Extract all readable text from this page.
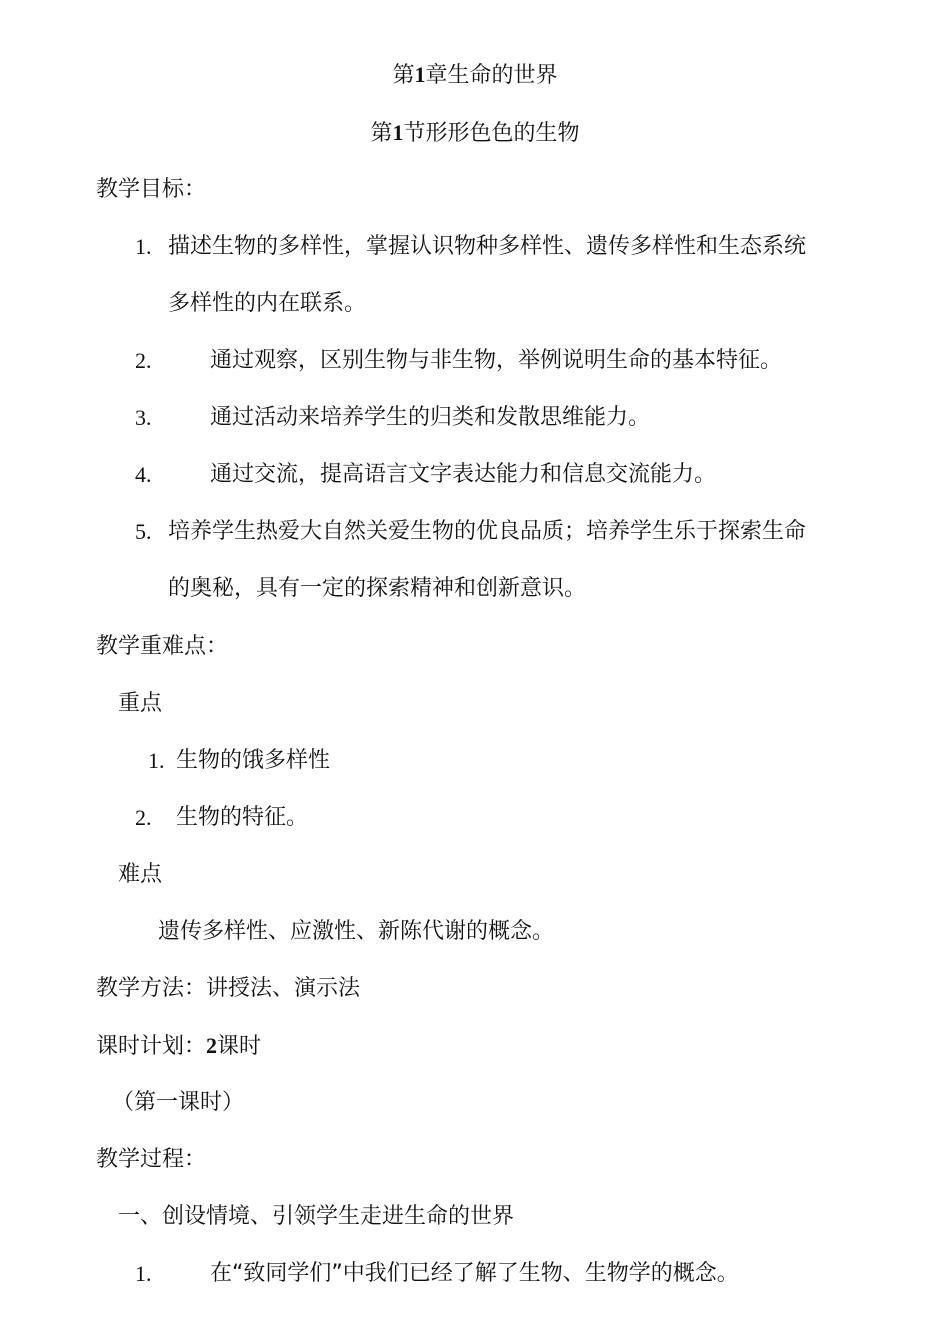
第1章生命的世界
第1节形形色色的生物
教学目标：
1. 描述生物的多样性，掌握认识物种多样性、遗传多样性和生态系统
多样性的内在联系。
2.	通过观察，区别生物与非生物，举例说明生命的基本特征。
3.	通过活动来培养学生的归类和发散思维能力。
4.	通过交流，提高语言文字表达能力和信息交流能力。
5. 培养学生热爱大自然关爱生物的优良品质；培养学生乐于探索生命
的奥秘，具有一定的探索精神和创新意识。
教学重难点：
重点
1. 生物的饿多样性
2. 生物的特征。
难点
遗传多样性、应激性、新陈代谢的概念。
教学方法：讲授法、演示法
课时计划：2课时
（第一课时）
教学过程：
一、创设情境、引领学生走进生命的世界
1.	在“致同学们”中我们已经了解了生物、生物学的概念。
